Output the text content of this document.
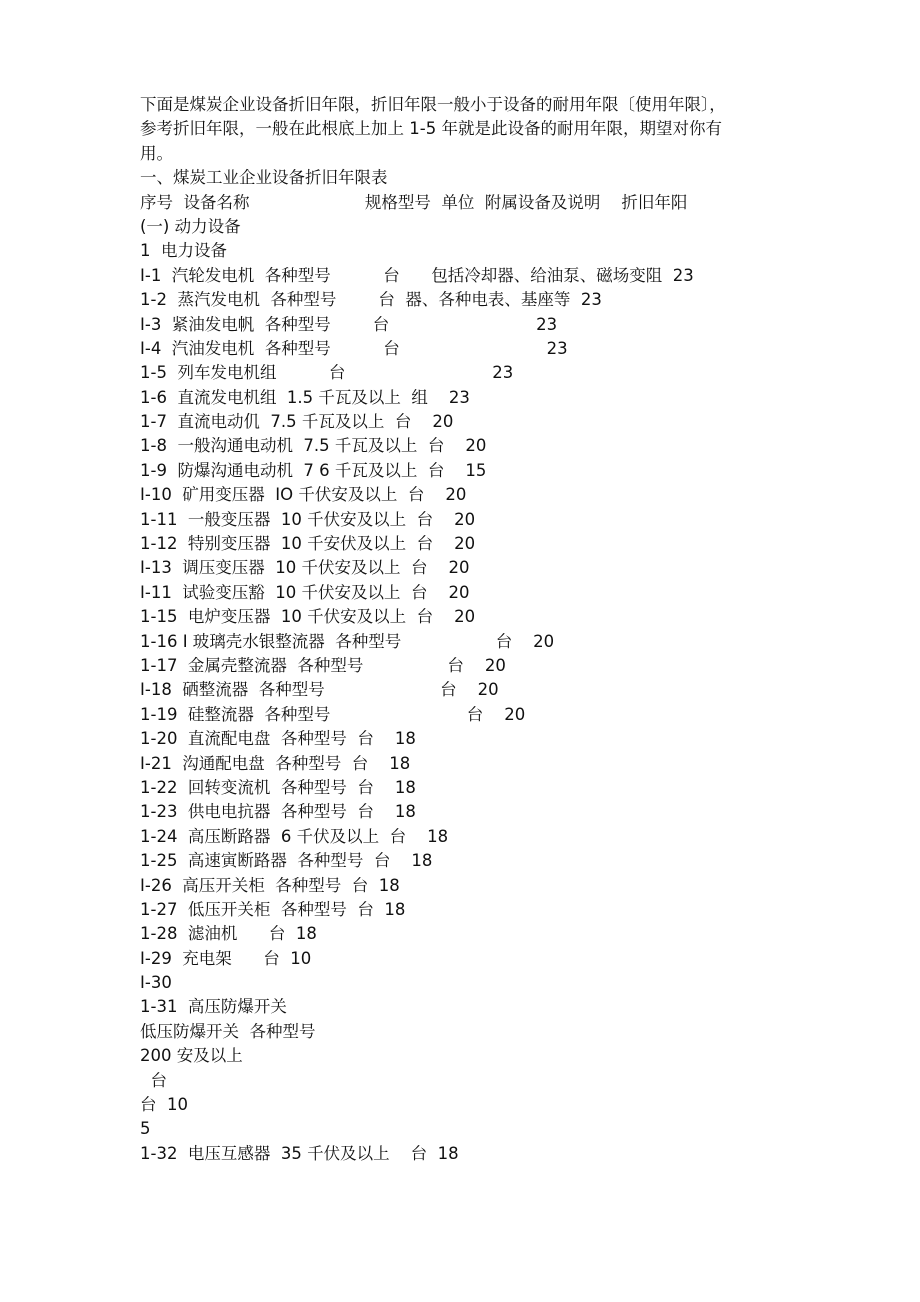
下面是煤炭企业设备折旧年限，折旧年限一般小于设备的耐用年限〔使用年限〕，
参考折旧年限，一般在此根底上加上 1-5 年就是此设备的耐用年限，期望对你有
用。
一、煤炭工业企业设备折旧年限表
序号  设备名称                      规格型号  单位  附属设备及说明    折旧年阳
(一) 动力设备
1  电力设备
I-1  汽轮发电机  各种型号          台      包括冷却器、给油泵、磁场变阻  23
1-2  蒸汽发电机  各种型号        台  器、各种电表、基座等  23
I-3  紧油发电帆  各种型号        台                            23
I-4  汽油发电机  各种型号          台                            23
1-5  列车发电机组          台                            23
1-6  直流发电机组  1.5 千瓦及以上  组    23
1-7  直流电动仉  7.5 千瓦及以上  台    20
1-8  一般沟通电动机  7.5 千瓦及以上  台    20
1-9  防爆沟通电动机  7 6 千瓦及以上  台    15
I-10  矿用变压器  IO 千伏安及以上  台    20
1-11  一般变压器  10 千伏安及以上  台    20
1-12  特别变压器  10 千安伏及以上  台    20
I-13  调压变压器  10 千伏安及以上  台    20
I-11  试验变压豁  10 千伏安及以上  台    20
1-15  电炉变压器  10 千伏安及以上  台    20
1-16 I 玻璃壳水银整流器  各种型号                  台    20
1-17  金属壳整流器  各种型号                台    20
I-18  硒整流器  各种型号                      台    20
1-19  硅整流器  各种型号                          台    20
1-20  直流配电盘  各种型号  台    18
I-21  沟通配电盘  各种型号  台    18
1-22  回转变流机  各种型号  台    18
1-23  供电电抗器  各种型号  台    18
1-24  高压断路器  6 千伏及以上  台    18
1-25  高速寅断路器  各种型号  台    18
I-26  高压开关柜  各种型号  台  18
1-27  低压开关柜  各种型号  台  18
1-28  滤油机      台  18
I-29  充电架      台  10
I-30
1-31  高压防爆开关
低压防爆开关  各种型号
200 安及以上
台
台  10
5
1-32  电压互感器  35 千伏及以上    台  18
